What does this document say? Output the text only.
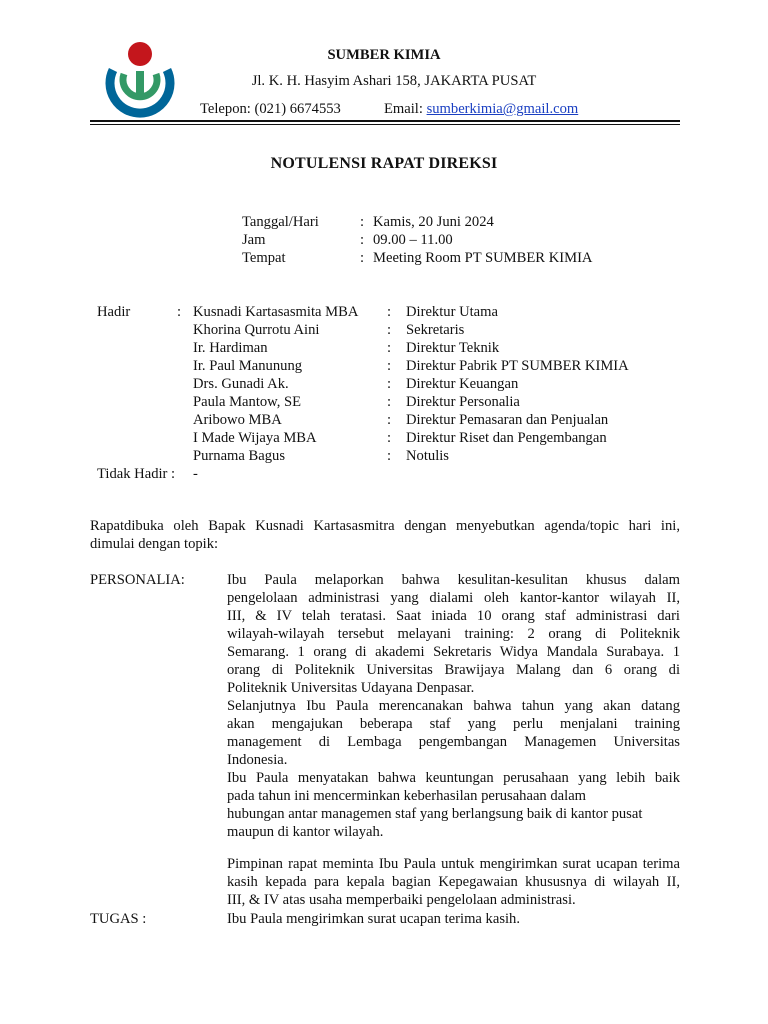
SUMBER KIMIA
Jl. K. H. Hasyim Ashari 158, JAKARTA PUSAT
Telepon: (021) 6674553	Email: sumberkimia@gmail.com
NOTULENSI RAPAT DIREKSI
Tanggal/Hari	: Kamis, 20 Juni 2024
Jam	: 09.00 – 11.00
Tempat	: Meeting Room PT SUMBER KIMIA
Hadir	: Kusnadi Kartasasmita MBA : Direktur Utama
Khorina Qurrotu Aini	: Sekretaris
Ir. Hardiman	: Direktur Teknik
Ir. Paul Manunung	: Direktur Pabrik PT SUMBER KIMIA
Drs. Gunadi Ak.	: Direktur Keuangan
Paula Mantow, SE	: Direktur Personalia
Aribowo MBA	: Direktur Pemasaran dan Penjualan
I Made Wijaya MBA	: Direktur Riset dan Pengembangan
Purnama Bagus	: Notulis
Tidak Hadir : -
Rapatdibuka oleh Bapak Kusnadi Kartasasmitra dengan menyebutkan agenda/topic hari ini,
dimulai dengan topik:
PERSONALIA:	Ibu Paula melaporkan bahwa kesulitan-kesulitan khusus dalam
pengelolaan administrasi yang dialami oleh kantor-kantor wilayah II,
III, & IV telah teratasi. Saat iniada 10 orang staf administrasi dari
wilayah-wilayah tersebut melayani training: 2 orang di Politeknik
Semarang. 1 orang di akademi Sekretaris Widya Mandala Surabaya. 1
orang di Politeknik Universitas Brawijaya Malang dan 6 orang di
Politeknik Universitas Udayana Denpasar.
Selanjutnya Ibu Paula merencanakan bahwa tahun yang akan datang
akan mengajukan beberapa staf yang perlu menjalani training
management di Lembaga pengembangan Managemen Universitas
Indonesia.
Ibu Paula menyatakan bahwa keuntungan perusahaan yang lebih baik
pada tahun ini mencerminkan keberhasilan perusahaan dalam
hubungan antar managemen staf yang berlangsung baik di kantor pusat
maupun di kantor wilayah.
Pimpinan rapat meminta Ibu Paula untuk mengirimkan surat ucapan terima
kasih kepada para kepala bagian Kepegawaian khususnya di wilayah II,
III, & IV atas usaha memperbaiki pengelolaan administrasi.
TUGAS :	Ibu Paula mengirimkan surat ucapan terima kasih.
